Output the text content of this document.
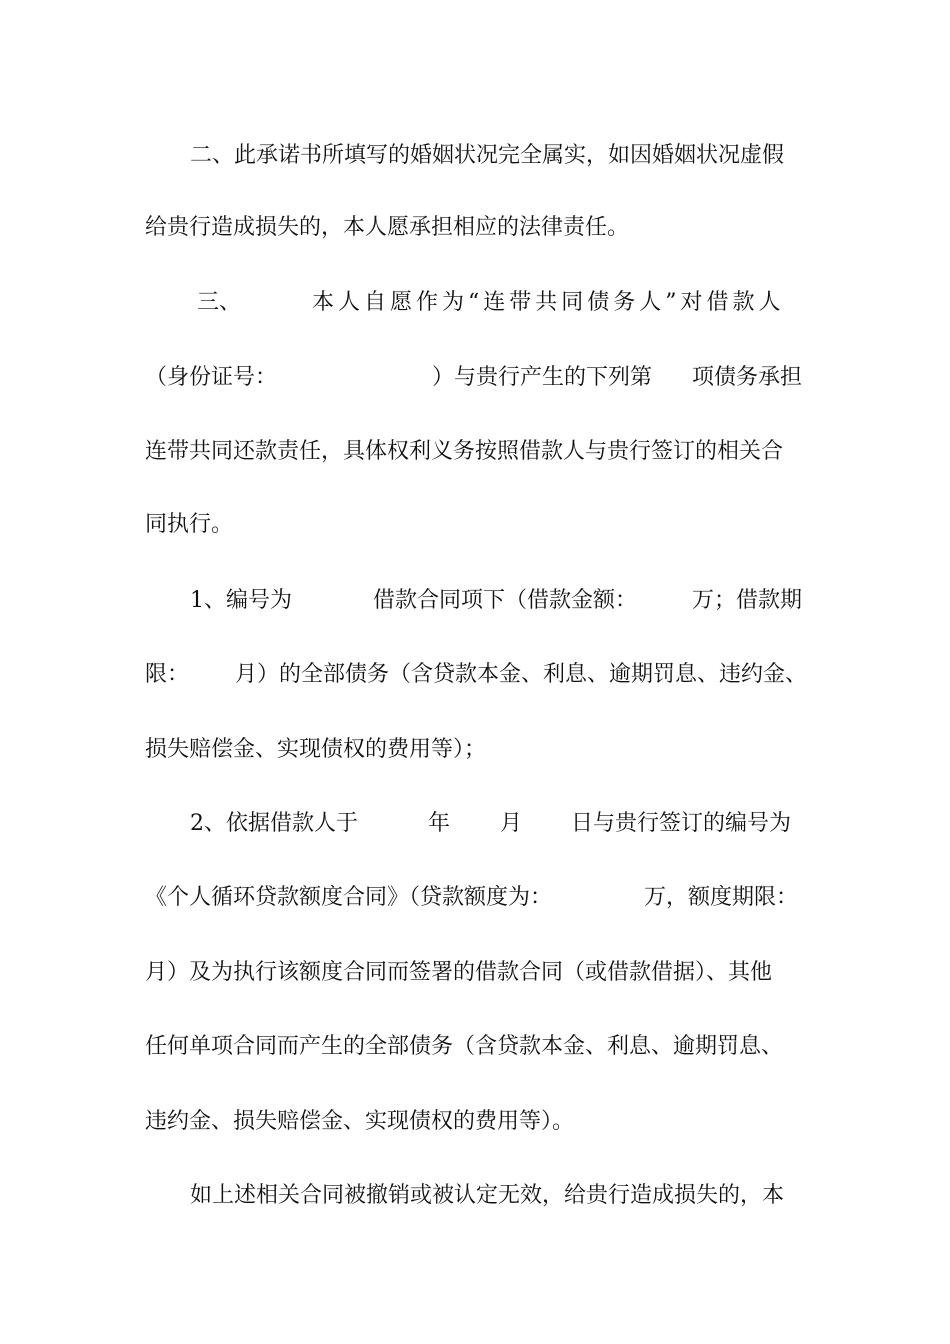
二、此承诺书所填写的婚姻状况完全属实，如因婚姻状况虚假
给贵行造成损失的，本人愿承担相应的法律责任。
三、	本人自愿作为“连带共同债务人”对借款人
（身份证号：	）与贵行产生的下列第 项债务承担
连带共同还款责任，具体权利义务按照借款人与贵行签订的相关合
同执行。
1、编号为	借款合同项下（借款金额： 万；借款期
限： 月）的全部债务（含贷款本金、利息、逾期罚息、违约金、
损失赔偿金、实现债权的费用等）；
2、依据借款人于	年 月 日与贵行签订的编号为
《个人循环贷款额度合同》（贷款额度为：	万，额度期限：
月）及为执行该额度合同而签署的借款合同（或借款借据）、其他
任何单项合同而产生的全部债务（含贷款本金、利息、逾期罚息、
违约金、损失赔偿金、实现债权的费用等）。
如上述相关合同被撤销或被认定无效，给贵行造成损失的，本
